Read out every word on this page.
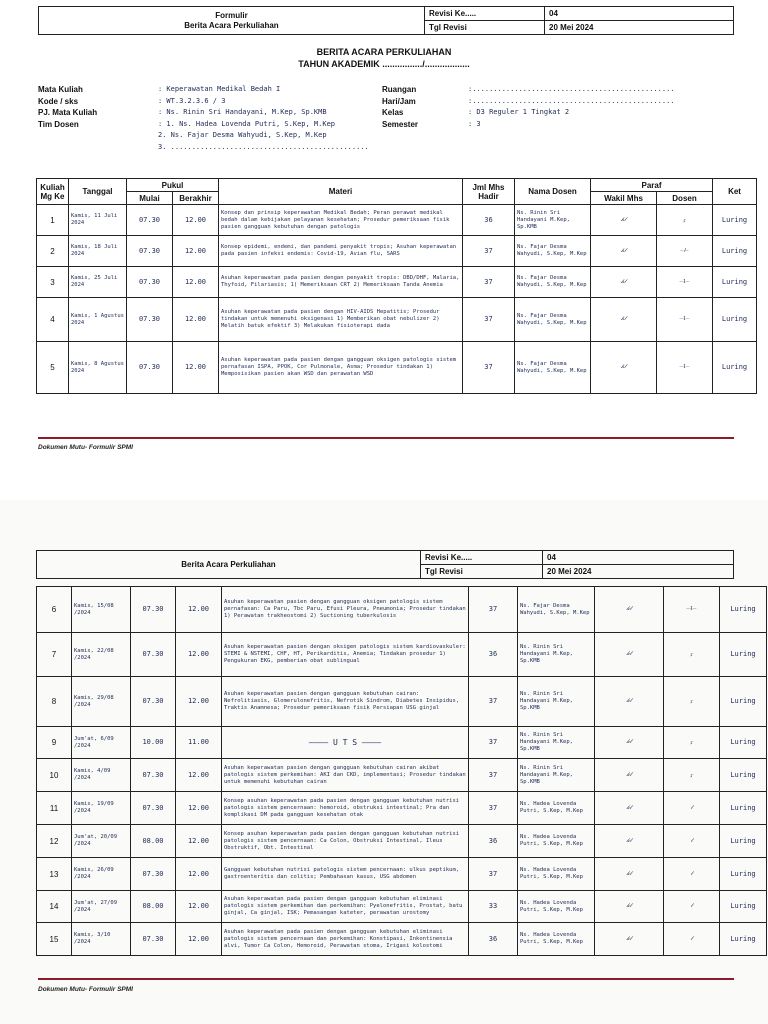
Formulir
Berita Acara Perkuliahan	Revisi Ke.....	04
	Tgl Revisi	20 Mei 2024
BERITA ACARA PERKULIAHAN
TAHUN AKADEMIK ................/..................
Mata Kuliah	: Keperawatan Medikal Bedah I
Kode / sks	: WT.3.2.3.6 / 3
PJ. Mata Kuliah	: Ns. Rinin Sri Handayani, M.Kep, Sp.KMB
Tim Dosen	: 1. Ns. Hadea Lovenda Putri, S.Kep, M.Kep
2. Ns. Fajar Desma Wahyudi, S.Kep, M.Kep
3. ...............................................
Ruangan	:................................................
Hari/Jam	:................................................
Kelas	: D3 Reguler 1 Tingkat 2
Semester	: 3
Kuliah Mg Ke	Tanggal	Pukul		Materi	Jml Mhs Hadir	Nama Dosen	Paraf		Ket
		Mulai	Berakhir				Wakil Mhs	Dosen	
1	Kamis, 11 Juli 2024	07.30	12.00	Konsep dan prinsip keperawatan Medikal Bedah; Peran perawat medikal bedah dalam kebijakan pelayanan kesehatan; Prosedur pemeriksaan fisik pasien gangguan kebutuhan dengan patologis	36	Ns. Rinin Sri Handayani M.Kep, Sp.KMB	𝒽𝓁	𝓏	Luring
2	Kamis, 18 Juli 2024	07.30	12.00	Konsep epidemi, endemi, dan pandemi penyakit tropis; Asuhan keperawatan pada pasien infeksi endemis: Covid-19, Avian flu, SARS	37	Ns. Fajar Desma Wahyudi, S.Kep, M.Kep	𝒽𝓁	—ⅼ—	Luring
3	Kamis, 25 Juli 2024	07.30	12.00	Asuhan keperawatan pada pasien dengan penyakit tropis: DBD/DHF, Malaria, Thyfoid, Filariasis; 1) Memeriksaan CRT 2) Memeriksaan Tanda Anemia	37	Ns. Fajar Desma Wahyudi, S.Kep, M.Kep	𝒽𝓁	—ƚ—	Luring
4	Kamis, 1 Agustus 2024	07.30	12.00	Asuhan keperawatan pada pasien dengan HIV-AIDS Hepatitis; Prosedur tindakan untuk memenuhi oksigenasi 1) Memberikan obat nebulizer 2) Melatih batuk efektif 3) Melakukan fisioterapi dada	37	Ns. Fajar Desma Wahyudi, S.Kep, M.Kep	𝒽𝓁	—ƚ—	Luring
5	Kamis, 8 Agustus 2024	07.30	12.00	Asuhan keperawatan pada pasien dengan gangguan oksigen patologis sistem pernafasan ISPA, PPOK, Cor Pulmonale, Asma; Prosedur tindakan 1) Memposisikan pasien akan WSD dan perawatan WSD	37	Ns. Fajar Desma Wahyudi, S.Kep, M.Kep	𝒽𝓁	—ƚ—	Luring
Dokumen Mutu- Formulir SPMI
Berita Acara Perkuliahan	Revisi Ke.....	04
	Tgl Revisi	20 Mei 2024
6	Kamis, 15/08 /2024	07.30	12.00	Asuhan keperawatan pasien dengan gangguan oksigen patologis sistem pernafasan: Ca Paru, Tbc Paru, Efusi Pleura, Pneumonia; Prosedur tindakan 1) Perawatan trakheostomi 2) Suctioning tuberkulosis	37	Ns. Fajar Desma Wahyudi, S.Kep, M.Kep	𝒽𝓁	—ƚ—	Luring
7	Kamis, 22/08 /2024	07.30	12.00	Asuhan keperawatan pasien dengan oksigen patologis sistem kardiovaskuler: STEMI & NSTEMI, CHF, HT, Perikarditis, Anemia; Tindakan prosedur 1) Pengukuran EKG, pemberian obat sublingual	36	Ns. Rinin Sri Handayani M.Kep, Sp.KMB	𝒽𝓁	𝓏	Luring
8	Kamis, 29/08 /2024	07.30	12.00	Asuhan keperawatan pasien dengan gangguan kebutuhan cairan: Nefrolitiasis, Glomerulonefritis, Nefrotik Sindrom, Diabetes Insipidus, Traktis Anamnesa; Prosedur pemeriksaan fisik Persiapan USG ginjal	37	Ns. Rinin Sri Handayani M.Kep, Sp.KMB	𝒽𝓁	𝓏	Luring
9	Jum'at, 6/09 /2024	10.00	11.00	———— U T S ————	37	Ns. Rinin Sri Handayani M.Kep, Sp.KMB	𝒽𝓁	𝓏	Luring
10	Kamis, 4/09 /2024	07.30	12.00	Asuhan keperawatan pasien dengan gangguan kebutuhan cairan akibat patologis sistem perkemihan: AKI dan CKD, implementasi; Prosedur tindakan untuk memenuhi kebutuhan cairan	37	Ns. Rinin Sri Handayani M.Kep, Sp.KMB	𝒽𝓁	𝓏	Luring
11	Kamis, 19/09 /2024	07.30	12.00	Konsep asuhan keperawatan pada pasien dengan gangguan kebutuhan nutrisi patologis sistem pencernaan: hemoroid, obstruksi intestinal; Pra dan komplikasi DM pada gangguan kesehatan otak	37	Ns. Hadea Lovenda Putri, S.Kep, M.Kep	𝒽𝓁	𝓁	Luring
12	Jum'at, 20/09 /2024	08.00	12.00	Konsep asuhan keperawatan pada pasien dengan gangguan kebutuhan nutrisi patologis sistem pencernaan: Ca Colon, Obstruksi Intestinal, Ileus Obstruktif, Obt. Intestinal	36	Ns. Hadea Lovenda Putri, S.Kep, M.Kep	𝒽𝓁	𝓁	Luring
13	Kamis, 26/09 /2024	07.30	12.00	Gangguan kebutuhan nutrisi patologis sistem pencernaan: ulkus peptikum, gastroenteritis dan colitis; Pembahasan kasus, USG abdomen	37	Ns. Hadea Lovenda Putri, S.Kep, M.Kep	𝒽𝓁	𝓁	Luring
14	Jum'at, 27/09 /2024	08.00	12.00	Asuhan keperawatan pada pasien dengan gangguan kebutuhan eliminasi patologis sistem perkemihan dan perkemihan: Pyelonefritis, Prostat, batu ginjal, Ca ginjal, ISK; Pemasangan kateter, perawatan urostomy	33	Ns. Hadea Lovenda Putri, S.Kep, M.Kep	𝒽𝓁	𝓁	Luring
15	Kamis, 3/10 /2024	07.30	12.00	Asuhan keperawatan pada pasien dengan gangguan kebutuhan eliminasi patologis sistem pencernaan dan perkemihan: Konstipasi, Inkontinensia alvi, Tumor Ca Colon, Hemoroid, Perawatan stoma, Irigasi kolostomi	36	Ns. Hadea Lovenda Putri, S.Kep, M.Kep	𝒽𝓁	𝓁	Luring
Dokumen Mutu- Formulir SPMI
